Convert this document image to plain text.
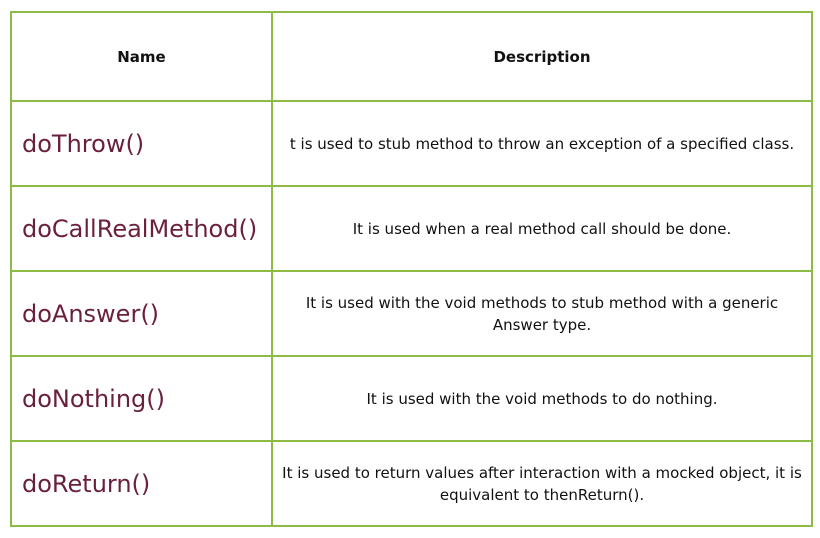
Name	Description
doThrow()	t is used to stub method to throw an exception of a specified class.
doCallRealMethod()	It is used when a real method call should be done.
doAnswer()	It is used with the void methods to stub method with a generic Answer type.
doNothing()	It is used with the void methods to do nothing.
doReturn()	It is used to return values after interaction with a mocked object, it is equivalent to thenReturn().
